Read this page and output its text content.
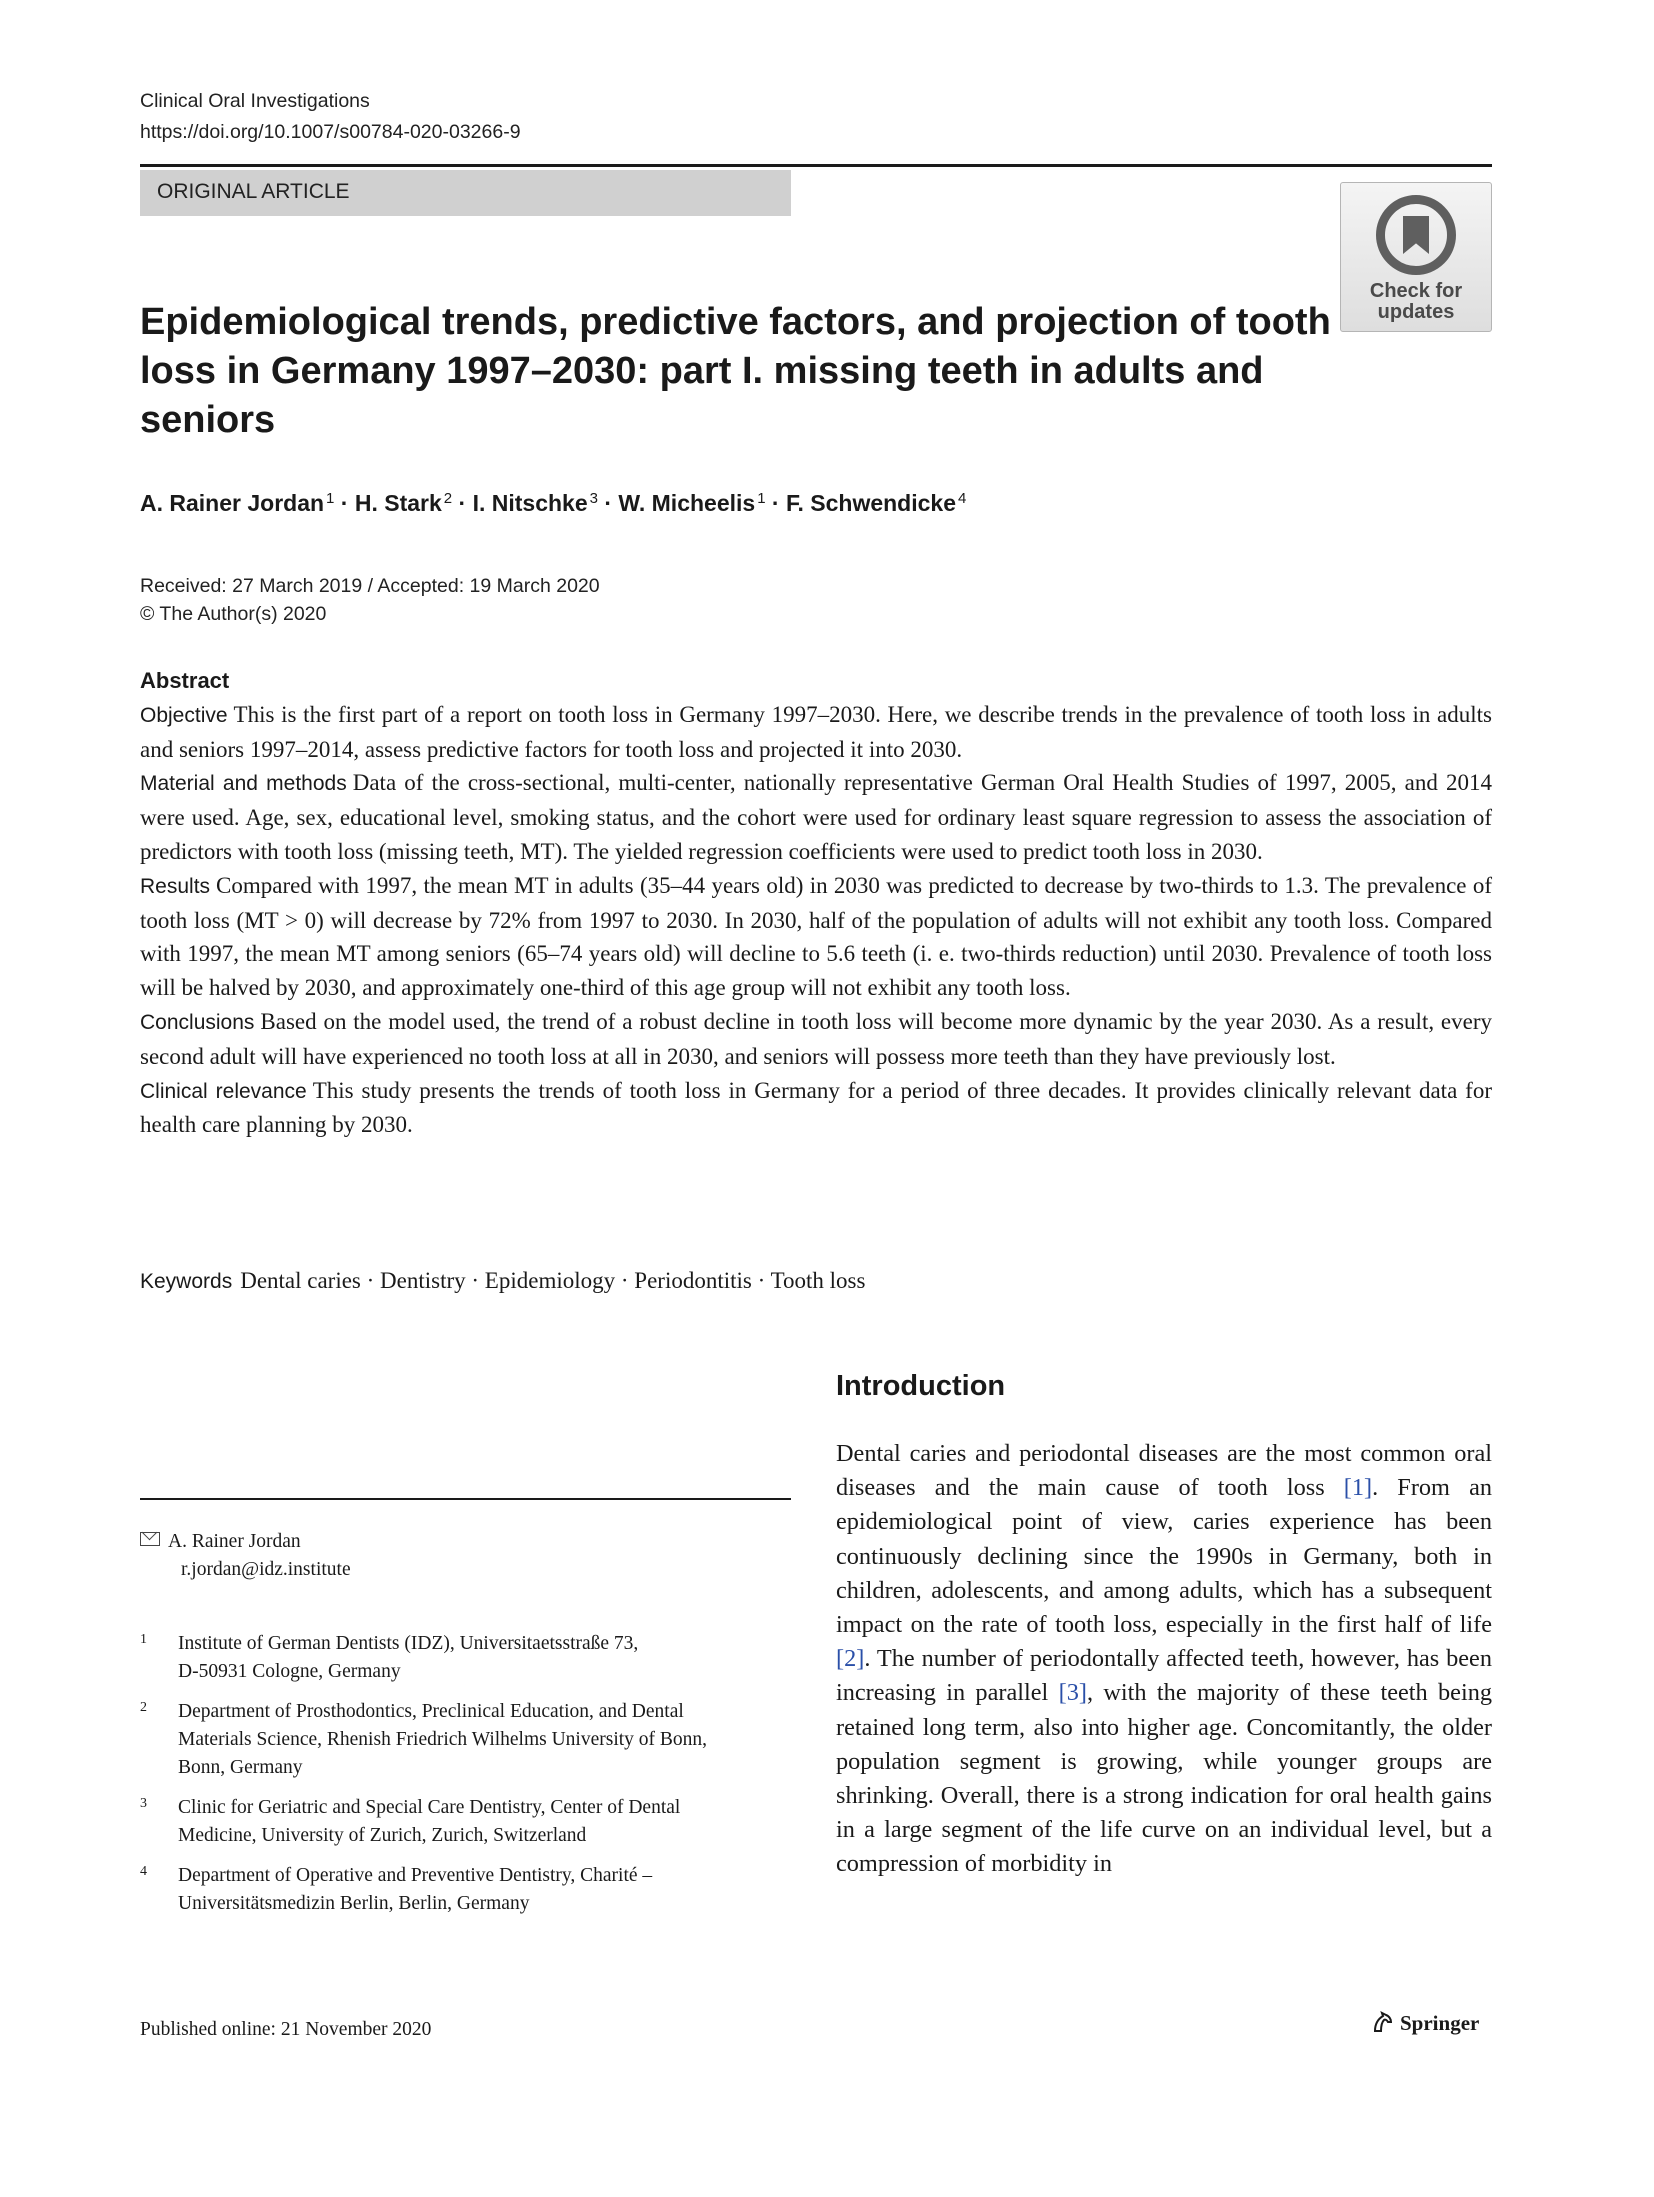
Clinical Oral Investigations
https://doi.org/10.1007/s00784-020-03266-9
ORIGINAL ARTICLE
Check for
updates
Epidemiological trends, predictive factors, and projection of tooth loss in Germany 1997–2030: part I. missing teeth in adults and seniors
A. Rainer Jordan $^1$ · H. Stark $^2$ · I. Nitschke $^3$ · W. Micheelis $^1$ · F. Schwendicke $^4$
Received: 27 March 2019 / Accepted: 19 March 2020
© The Author(s) 2020
Abstract

Objective This is the first part of a report on tooth loss in Germany 1997–2030. Here, we describe trends in the prevalence of tooth loss in adults and seniors 1997–2014, assess predictive factors for tooth loss and projected it into 2030.

Material and methods Data of the cross-sectional, multi-center, nationally representative German Oral Health Studies of 1997, 2005, and 2014 were used. Age, sex, educational level, smoking status, and the cohort were used for ordinary least square regression to assess the association of predictors with tooth loss (missing teeth, MT). The yielded regression coefficients were used to predict tooth loss in 2030.

Results Compared with 1997, the mean MT in adults (35–44 years old) in 2030 was predicted to decrease by two-thirds to 1.3. The prevalence of tooth loss (MT > 0) will decrease by 72% from 1997 to 2030. In 2030, half of the population of adults will not exhibit any tooth loss. Compared with 1997, the mean MT among seniors (65–74 years old) will decline to 5.6 teeth (i. e. two-thirds reduction) until 2030. Prevalence of tooth loss will be halved by 2030, and approximately one-third of this age group will not exhibit any tooth loss.

Conclusions Based on the model used, the trend of a robust decline in tooth loss will become more dynamic by the year 2030. As a result, every second adult will have experienced no tooth loss at all in 2030, and seniors will possess more teeth than they have previously lost.

Clinical relevance This study presents the trends of tooth loss in Germany for a period of three decades. It provides clinically relevant data for health care planning by 2030.

Keywords Dental caries · Dentistry · Epidemiology · Periodontitis · Tooth loss
Introduction
Dental caries and periodontal diseases are the most common oral diseases and the main cause of tooth loss [1]. From an epidemiological point of view, caries experience has been continuously declining since the 1990s in Germany, both in children, adolescents, and among adults, which has a subsequent impact on the rate of tooth loss, especially in the first half of life [2]. The number of periodontally affected teeth, however, has been increasing in parallel [3], with the majority of these teeth being retained long term, also into higher age. Concomitantly, the older population segment is growing, while younger groups are shrinking. Overall, there is a strong indication for oral health gains in a large segment of the life curve on an individual level, but a compression of morbidity in
A. Rainer Jordan
r.jordan@idz.institute
1 Institute of German Dentists (IDZ), Universitaetsstraße 73,
D-50931 Cologne, Germany
2 Department of Prosthodontics, Preclinical Education, and Dental
Materials Science, Rhenish Friedrich Wilhelms University of Bonn,
Bonn, Germany
3 Clinic for Geriatric and Special Care Dentistry, Center of Dental
Medicine, University of Zurich, Zurich, Switzerland
4 Department of Operative and Preventive Dentistry, Charité –
Universitätsmedizin Berlin, Berlin, Germany
Published online: 21 November 2020	Springer
